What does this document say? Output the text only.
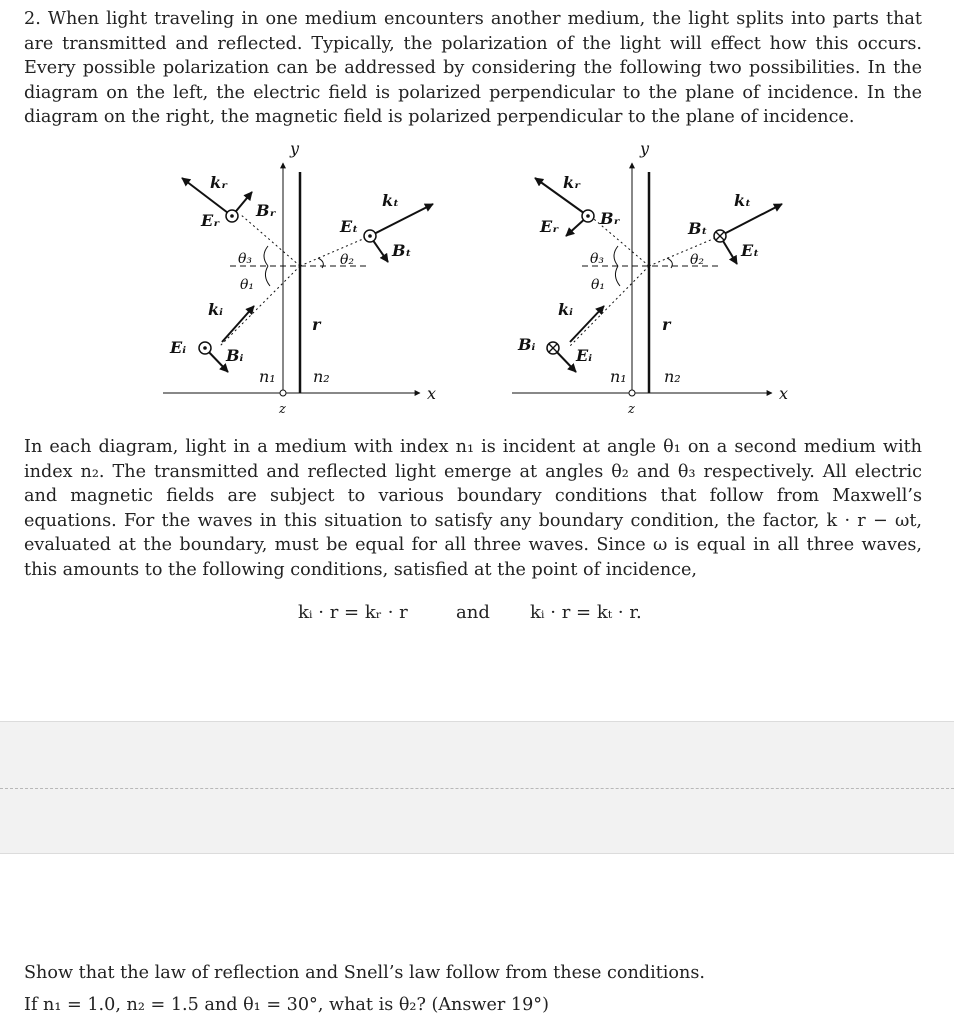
2. When light traveling in one medium encounters another medium, the light splits into parts that are transmitted and reflected. Typically, the polarization of the light will effect how this occurs. Every possible polarization can be addressed by considering the following two possibilities. In the diagram on the left, the electric field is polarized perpendicular to the plane of incidence. In the diagram on the right, the magnetic field is polarized perpendicular to the plane of incidence.

y
kᵣ
Bᵣ
Eᵣ
kₜ
Eₜ
Bₜ
θ₃
θ₁
θ₂
kᵢ
r
Eᵢ Bᵢ
n₁ n₂
x
z
y
kᵣ
Bᵣ
Eᵣ
kₜ
Bₜ
Eₜ
θ₃
θ₁
θ₂
kᵢ
r
Bᵢ
Eᵢ
n₁ n₂
x
z

In each diagram, light in a medium with index n₁ is incident at angle θ₁ on a second medium with index n₂. The transmitted and reflected light emerge at angles θ₂ and θ₃ respectively. All electric and magnetic fields are subject to various boundary conditions that follow from Maxwell’s equations. For the waves in this situation to satisfy any boundary condition, the factor, k · r − ωt, evaluated at the boundary, must be equal for all three waves. Since ω is equal in all three waves, this amounts to the following conditions, satisfied at the point of incidence,

kᵢ · r = kᵣ · r	and kᵢ · r = kₜ · r.

Show that the law of reflection and Snell’s law follow from these conditions.

If n₁ = 1.0, n₂ = 1.5 and θ₁ = 30°, what is θ₂? (Answer 19°)
